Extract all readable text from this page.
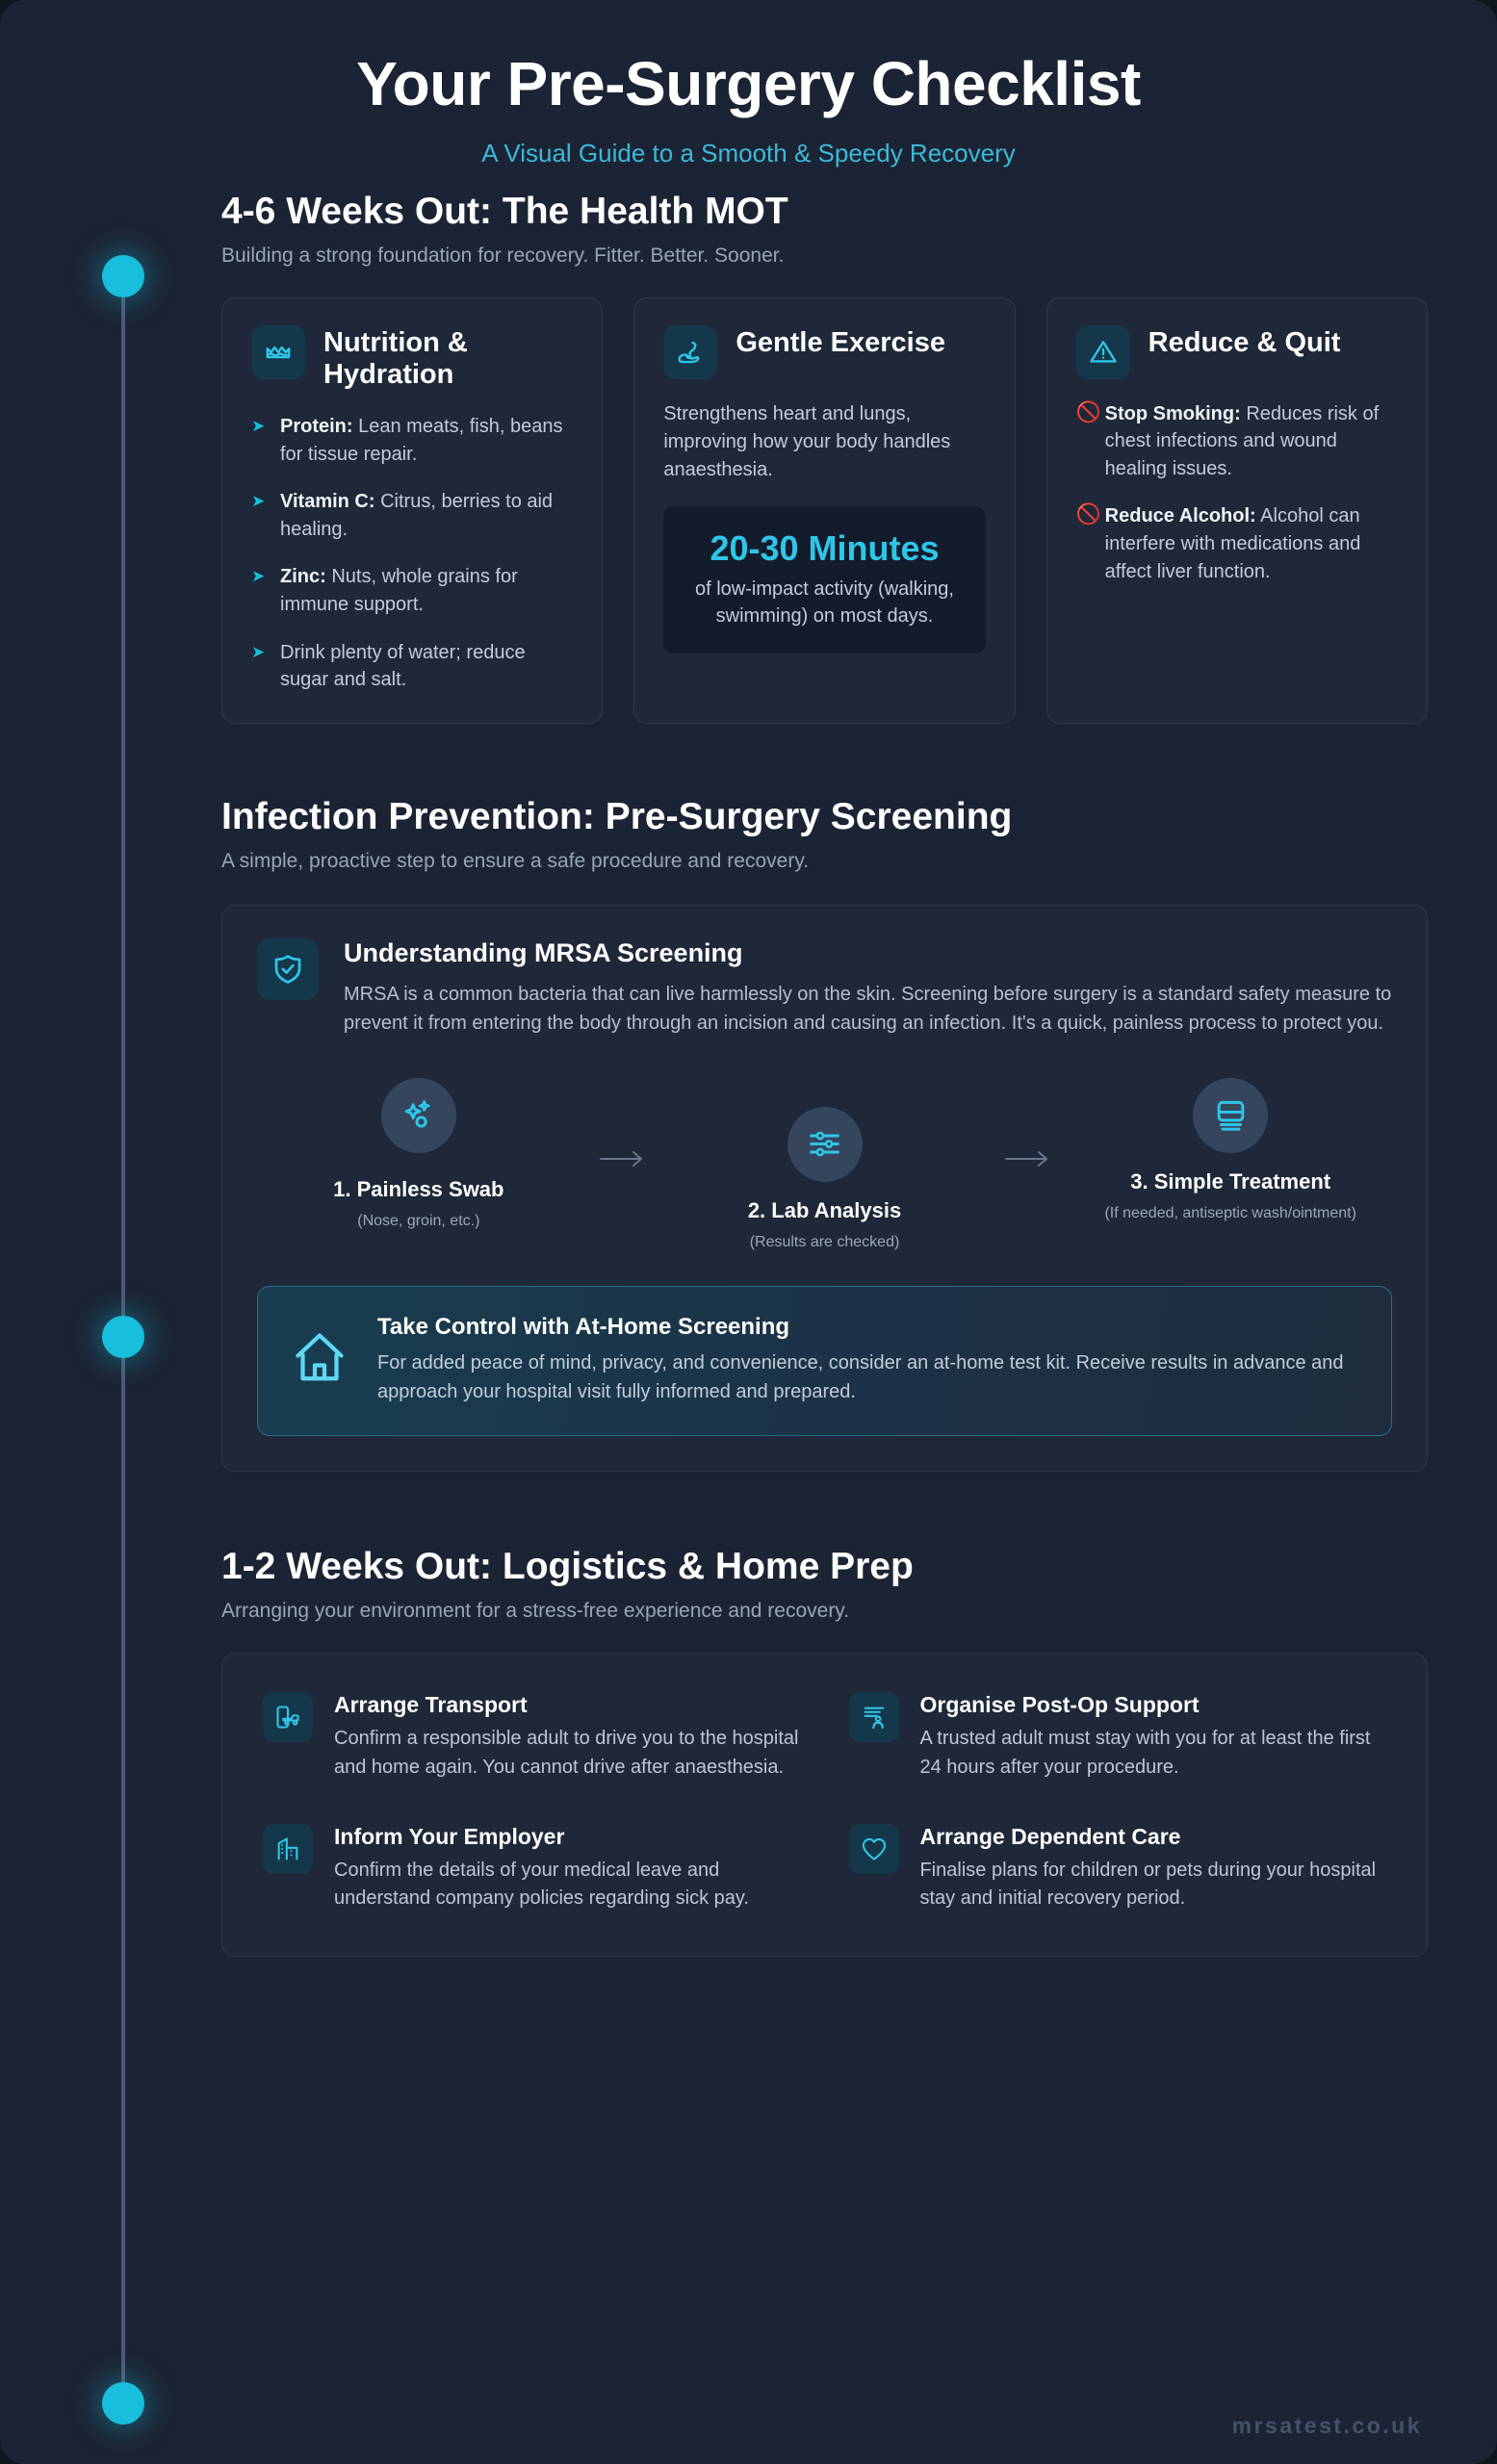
Your Pre-Surgery Checklist
A Visual Guide to a Smooth & Speedy Recovery
4-6 Weeks Out: The Health MOT
Building a strong foundation for recovery. Fitter. Better. Sooner.
Nutrition & Hydration
➤ Protein: Lean meats, fish, beans for tissue repair.
➤ Vitamin C: Citrus, berries to aid healing.
➤ Zinc: Nuts, whole grains for immune support.
➤ Drink plenty of water; reduce sugar and salt.
Gentle Exercise
Strengthens heart and lungs, improving how your body handles anaesthesia.
20-30 Minutes
of low-impact activity (walking, swimming) on most days.
Reduce & Quit
🚫 Stop Smoking: Reduces risk of chest infections and wound healing issues.
🚫 Reduce Alcohol: Alcohol can interfere with medications and affect liver function.
Infection Prevention: Pre-Surgery Screening
A simple, proactive step to ensure a safe procedure and recovery.
Understanding MRSA Screening
MRSA is a common bacteria that can live harmlessly on the skin. Screening before surgery is a standard safety measure to prevent it from entering the body through an incision and causing an infection. It's a quick, painless process to protect you.
1. Painless Swab
(Nose, groin, etc.)	2. Lab Analysis
(Results are checked)
3. Simple Treatment
(If needed, antiseptic wash/ointment)
Take Control with At-Home Screening
For added peace of mind, privacy, and convenience, consider an at-home test kit. Receive results in advance and approach your hospital visit fully informed and prepared.
1-2 Weeks Out: Logistics & Home Prep
Arranging your environment for a stress-free experience and recovery.
Arrange Transport
Confirm a responsible adult to drive you to the hospital and home again. You cannot drive after anaesthesia.
Organise Post-Op Support
A trusted adult must stay with you for at least the first 24 hours after your procedure.
Inform Your Employer
Confirm the details of your medical leave and understand company policies regarding sick pay.
Arrange Dependent Care
Finalise plans for children or pets during your hospital stay and initial recovery period.
mrsatest.co.uk
